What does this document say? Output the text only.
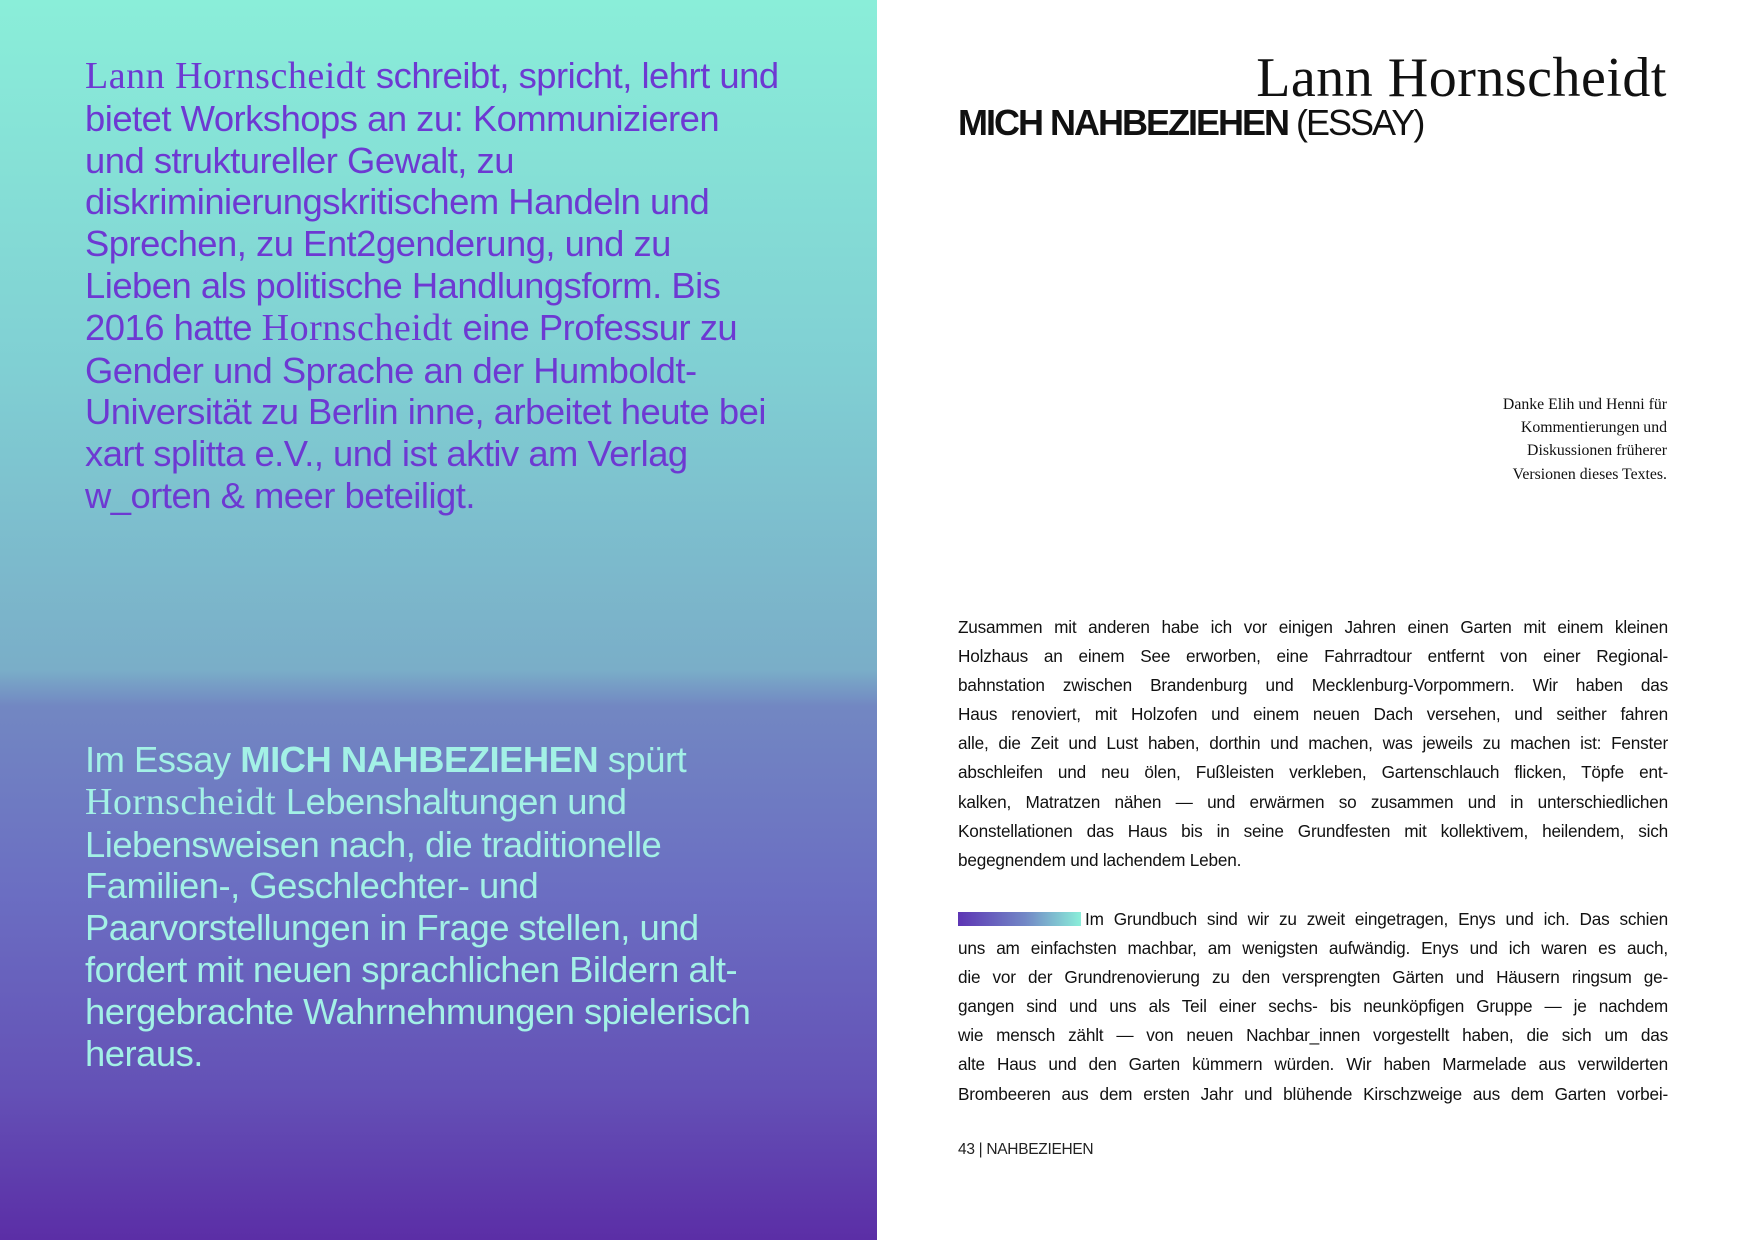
Lann Hornscheidt schreibt, spricht, lehrt und bietet Workshops an zu: Kommunizieren und struktureller Gewalt, zu diskriminierungskritischem Handeln und Sprechen, zu Ent2genderung, und zu Lieben als politische Handlungsform. Bis 2016 hatte Hornscheidt eine Professur zu Gender und Sprache an der Humboldt-Universität zu Berlin inne, arbeitet heute bei xart splitta e.V., und ist aktiv am Verlag w_orten & meer beteiligt.
Im Essay MICH NAHBEZIEHEN spürt Hornscheidt Lebenshaltungen und Liebensweisen nach, die traditionelle Familien-, Geschlechter- und Paarvorstellungen in Frage stellen, und fordert mit neuen sprachlichen Bildern althergebrachte Wahrnehmungen spielerisch heraus.
Lann Hornscheidt
MICH NAHBEZIEHEN (ESSAY)
Danke Elih und Henni für
Kommentierungen und
Diskussionen früherer
Versionen dieses Textes.
Zusammen mit anderen habe ich vor einigen Jahren einen Garten mit einem kleinen
Holzhaus an einem See erworben, eine Fahrradtour entfernt von einer Regional-
bahnstation zwischen Brandenburg und Mecklenburg-Vorpommern. Wir haben das
Haus renoviert, mit Holzofen und einem neuen Dach versehen, und seither fahren
alle, die Zeit und Lust haben, dorthin und machen, was jeweils zu machen ist: Fenster
abschleifen und neu ölen, Fußleisten verkleben, Gartenschlauch flicken, Töpfe ent-
kalken, Matratzen nähen — und erwärmen so zusammen und in unterschiedlichen
Konstellationen das Haus bis in seine Grundfesten mit kollektivem, heilendem, sich
begegnendem und lachendem Leben.
Im Grundbuch sind wir zu zweit eingetragen, Enys und ich. Das schien
uns am einfachsten machbar, am wenigsten aufwändig. Enys und ich waren es auch,
die vor der Grundrenovierung zu den versprengten Gärten und Häusern ringsum ge-
gangen sind und uns als Teil einer sechs- bis neunköpfigen Gruppe — je nachdem
wie mensch zählt — von neuen Nachbar_innen vorgestellt haben, die sich um das
alte Haus und den Garten kümmern würden. Wir haben Marmelade aus verwilderten
Brombeeren aus dem ersten Jahr und blühende Kirschzweige aus dem Garten vorbei-
43 | NAHBEZIEHEN
